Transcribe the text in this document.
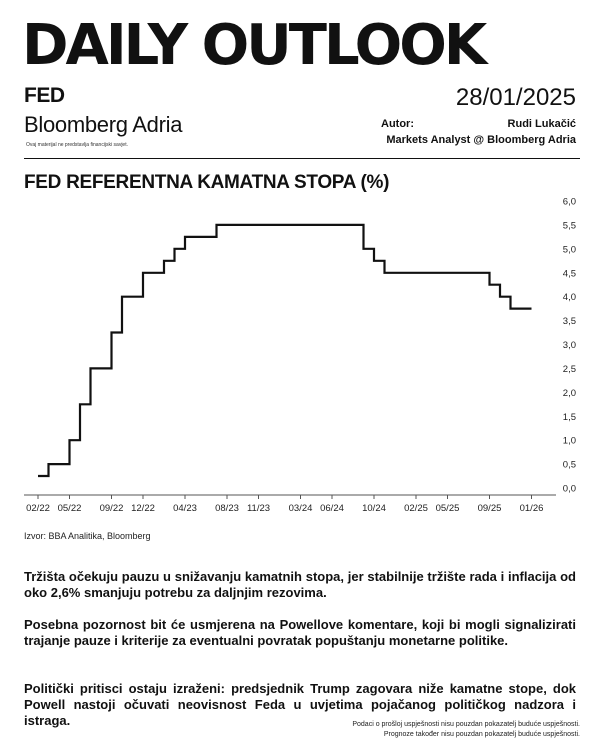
DAILY OUTLOOK
FED	28/01/2025
Bloomberg Adria
Ovaj materijal ne predstavlja financijski savjet.
Autor:	Rudi Lukačić
Markets Analyst @ Bloomberg Adria
FED REFERENTNA KAMATNA STOPA (%)
02/22 05/22 09/22 12/22 04/23 08/23 11/23 03/24 06/24 10/24 02/25 05/25 09/25 01/26
0,0
0,5
1,0
1,5
2,0
2,5
3,0
3,5
4,0
4,5
5,0
5,5
6,0
Izvor: BBA Analitika, Bloomberg
Tržišta očekuju pauzu u snižavanju kamatnih stopa, jer stabilnije tržište rada i inflacija od oko 2,6% smanjuju potrebu za daljnjim rezovima.
Posebna pozornost bit će usmjerena na Powellove komentare, koji bi mogli signalizirati trajanje pauze i kriterije za eventualni povratak popuštanju monetarne politike.
Politički pritisci ostaju izraženi: predsjednik Trump zagovara niže kamatne stope, dok Powell nastoji očuvati neovisnost Feda u uvjetima pojačanog političkog nadzora i istraga.	Podaci o prošlој uspješnosti nisu pouzdan pokazatelj buduće uspješnosti.
Prognoze također nisu pouzdan pokazatelj buduće uspješnosti.
